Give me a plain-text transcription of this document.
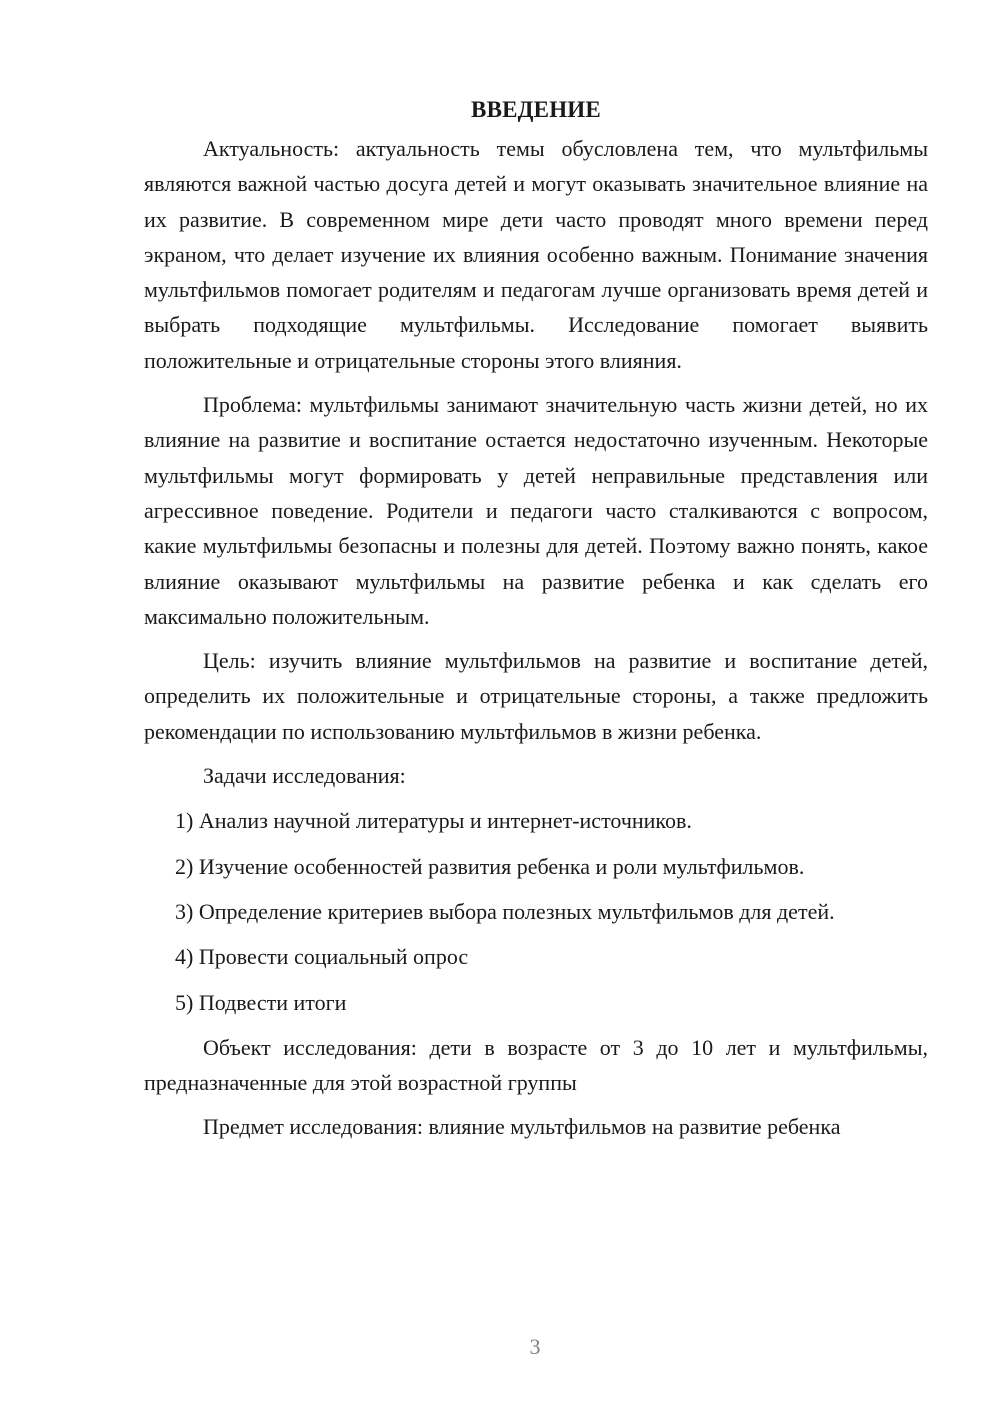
ВВЕДЕНИЕ

Актуальность: актуальность темы обусловлена тем, что мультфильмы являются важной частью досуга детей и могут оказывать значительное влияние на их развитие. В современном мире дети часто проводят много времени перед экраном, что делает изучение их влияния особенно важным. Понимание значения мультфильмов помогает родителям и педагогам лучше организовать время детей и выбрать подходящие мультфильмы. Исследование помогает выявить положительные и отрицательные стороны этого влияния.

Проблема: мультфильмы занимают значительную часть жизни детей, но их влияние на развитие и воспитание остается недостаточно изученным. Некоторые мультфильмы могут формировать у детей неправильные представления или агрессивное поведение. Родители и педагоги часто сталкиваются с вопросом, какие мультфильмы безопасны и полезны для детей. Поэтому важно понять, какое влияние оказывают мультфильмы на развитие ребенка и как сделать его максимально положительным.

Цель: изучить влияние мультфильмов на развитие и воспитание детей, определить их положительные и отрицательные стороны, а также предложить рекомендации по использованию мультфильмов в жизни ребенка.

Задачи исследования:

1) Анализ научной литературы и интернет-источников.

2) Изучение особенностей развития ребенка и роли мультфильмов.

3) Определение критериев выбора полезных мультфильмов для детей.

4) Провести социальный опрос

5) Подвести итоги

Объект исследования: дети в возрасте от 3 до 10 лет и мультфильмы, предназначенные для этой возрастной группы

Предмет исследования: влияние мультфильмов на развитие ребенка

3
